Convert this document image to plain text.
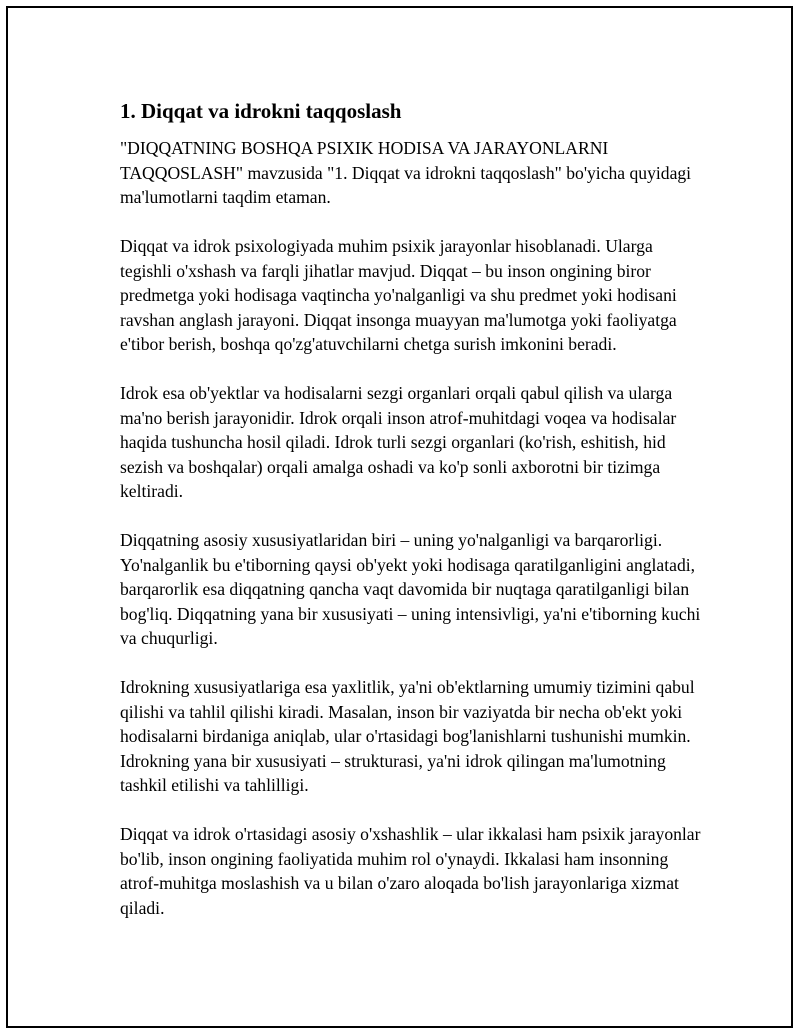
1. Diqqat va idrokni taqqoslash

"DIQQATNING BOSHQA PSIXIK HODISA VA JARAYONLARNI TAQQOSLASH" mavzusida "1. Diqqat va idrokni taqqoslash" bo'yicha quyidagi ma'lumotlarni taqdim etaman.

Diqqat va idrok psixologiyada muhim psixik jarayonlar hisoblanadi. Ularga tegishli o'xshash va farqli jihatlar mavjud. Diqqat – bu inson ongining biror predmetga yoki hodisaga vaqtincha yo'nalganligi va shu predmet yoki hodisani ravshan anglash jarayoni. Diqqat insonga muayyan ma'lumotga yoki faoliyatga e'tibor berish, boshqa qo'zg'atuvchilarni chetga surish imkonini beradi.

Idrok esa ob'yektlar va hodisalarni sezgi organlari orqali qabul qilish va ularga ma'no berish jarayonidir. Idrok orqali inson atrof-muhitdagi voqea va hodisalar haqida tushuncha hosil qiladi. Idrok turli sezgi organlari (ko'rish, eshitish, hid sezish va boshqalar) orqali amalga oshadi va ko'p sonli axborotni bir tizimga keltiradi.

Diqqatning asosiy xususiyatlaridan biri – uning yo'nalganligi va barqarorligi. Yo'nalganlik bu e'tiborning qaysi ob'yekt yoki hodisaga qaratilganligini anglatadi, barqarorlik esa diqqatning qancha vaqt davomida bir nuqtaga qaratilganligi bilan bog'liq. Diqqatning yana bir xususiyati – uning intensivligi, ya'ni e'tiborning kuchi va chuqurligi.

Idrokning xususiyatlariga esa yaxlitlik, ya'ni ob'ektlarning umumiy tizimini qabul qilishi va tahlil qilishi kiradi. Masalan, inson bir vaziyatda bir necha ob'ekt yoki hodisalarni birdaniga aniqlab, ular o'rtasidagi bog'lanishlarni tushunishi mumkin. Idrokning yana bir xususiyati – strukturasi, ya'ni idrok qilingan ma'lumotning tashkil etilishi va tahlilligi.

Diqqat va idrok o'rtasidagi asosiy o'xshashlik – ular ikkalasi ham psixik jarayonlar bo'lib, inson ongining faoliyatida muhim rol o'ynaydi. Ikkalasi ham insonning atrof-muhitga moslashish va u bilan o'zaro aloqada bo'lish jarayonlariga xizmat qiladi.
